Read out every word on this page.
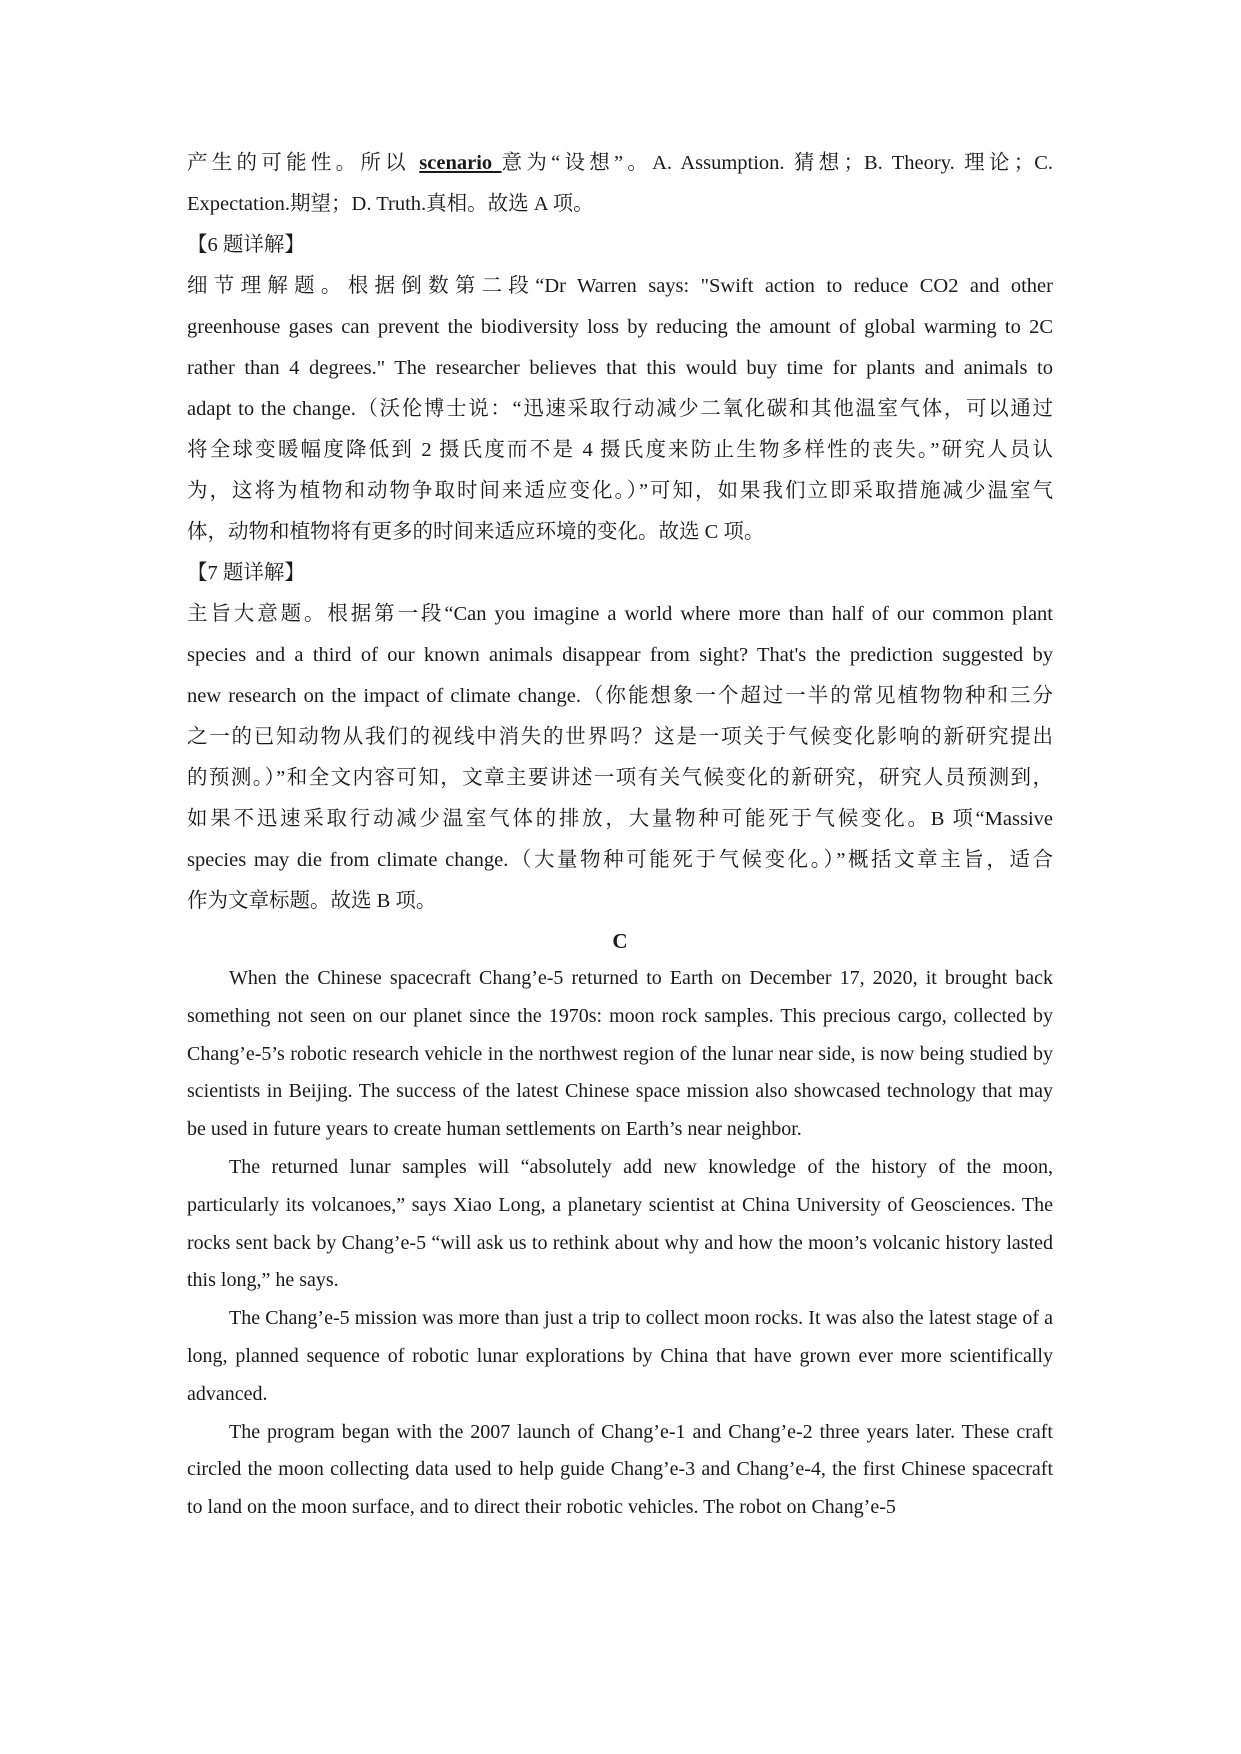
产生的可能性。所以 scenario 意为“设想”。A. Assumption. 猜想；B. Theory. 理论；C.
Expectation.期望；D. Truth.真相。故选 A 项。
【6 题详解】
细节理解题。根据倒数第二段“Dr Warren says: "Swift action to reduce CO2 and other
greenhouse gases can prevent the biodiversity loss by reducing the amount of global warming to 2C
rather than 4 degrees." The researcher believes that this would buy time for plants and animals to
adapt to the change.（沃伦博士说：“迅速采取行动减少二氧化碳和其他温室气体，可以通过
将全球变暖幅度降低到 2 摄氏度而不是 4 摄氏度来防止生物多样性的丧失。”研究人员认
为，这将为植物和动物争取时间来适应变化。）”可知，如果我们立即采取措施减少温室气
体，动物和植物将有更多的时间来适应环境的变化。故选 C 项。
【7 题详解】
主旨大意题。根据第一段“Can you imagine a world where more than half of our common plant
species and a third of our known animals disappear from sight? That's the prediction suggested by
new research on the impact of climate change.（你能想象一个超过一半的常见植物物种和三分
之一的已知动物从我们的视线中消失的世界吗？这是一项关于气候变化影响的新研究提出
的预测。）”和全文内容可知，文章主要讲述一项有关气候变化的新研究，研究人员预测到，
如果不迅速采取行动减少温室气体的排放，大量物种可能死于气候变化。B 项“Massive
species may die from climate change.（大量物种可能死于气候变化。）”概括文章主旨，适合
作为文章标题。故选 B 项。
C

When the Chinese spacecraft Chang’e-5 returned to Earth on December 17, 2020, it brought back something not seen on our planet since the 1970s: moon rock samples. This precious cargo, collected by Chang’e-5’s robotic research vehicle in the northwest region of the lunar near side, is now being studied by scientists in Beijing. The success of the latest Chinese space mission also showcased technology that may be used in future years to create human settlements on Earth’s near neighbor.

The returned lunar samples will “absolutely add new knowledge of the history of the moon, particularly its volcanoes,” says Xiao Long, a planetary scientist at China University of Geosciences. The rocks sent back by Chang’e-5 “will ask us to rethink about why and how the moon’s volcanic history lasted this long,” he says.

The Chang’e-5 mission was more than just a trip to collect moon rocks. It was also the latest stage of a long, planned sequence of robotic lunar explorations by China that have grown ever more scientifically advanced.

The program began with the 2007 launch of Chang’e-1 and Chang’e-2 three years later. These craft circled the moon collecting data used to help guide Chang’e-3 and Chang’e-4, the first Chinese spacecraft to land on the moon surface, and to direct their robotic vehicles. The robot on Chang’e-5
